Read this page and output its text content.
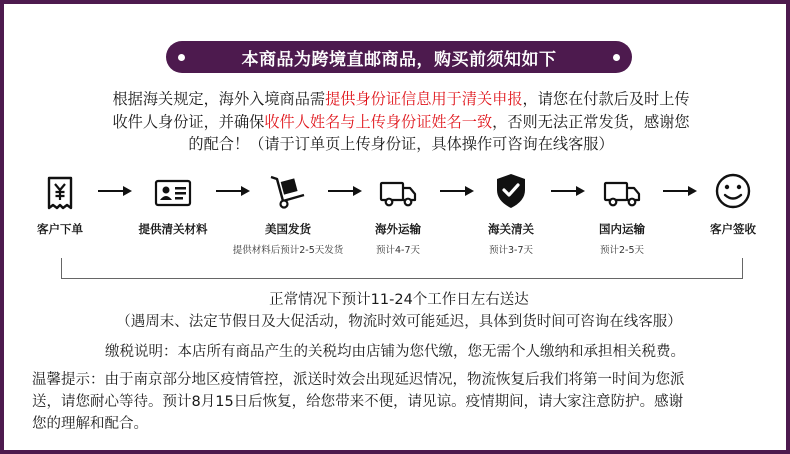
本商品为跨境直邮商品，购买前须知如下
根据海关规定，海外入境商品需提供身份证信息用于清关申报，请您在付款后及时上传
收件人身份证，并确保收件人姓名与上传身份证姓名一致，否则无法正常发货，感谢您
的配合！（请于订单页上传身份证，具体操作可咨询在线客服）
客户下单	提供清关材料	美国发货
提供材料后预计2-5天发货
海外运输
预计4-7天
海关清关
预计3-7天
国内运输
预计2-5天
客户签收
正常情况下预计11-24个工作日左右送达
（遇周末、法定节假日及大促活动，物流时效可能延迟，具体到货时间可咨询在线客服）
缴税说明：本店所有商品产生的关税均由店铺为您代缴，您无需个人缴纳和承担相关税费。
温馨提示：由于南京部分地区疫情管控，派送时效会出现延迟情况，物流恢复后我们将第一时间为您派
送，请您耐心等待。预计8月15日后恢复，给您带来不便，请见谅。疫情期间，请大家注意防护。感谢
您的理解和配合。
